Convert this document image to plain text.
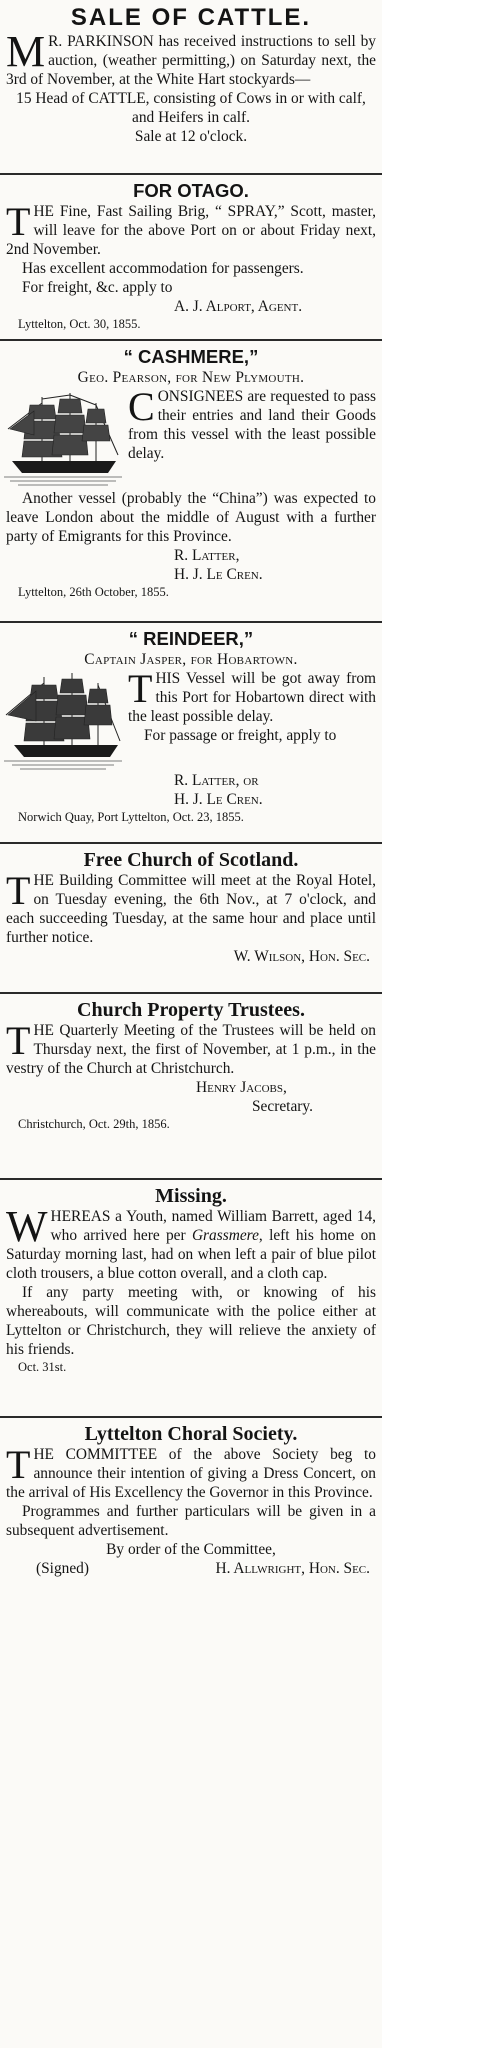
SALE OF CATTLE.
M R. PARKINSON has received instructions to sell by auction, (weather permitting,) on Saturday next, the 3rd of November, at the White Hart stockyards—
15 Head of CATTLE, consisting of Cows in or with calf, and Heifers in calf.
Sale at 12 o'clock.
FOR OTAGO.
THE Fine, Fast Sailing Brig, “ SPRAY,” Scott, master, will leave for the above Port on or about Friday next, 2nd November.
Has excellent accommodation for passengers.
For freight, &c. apply to
A. J. Alport, Agent.
Lyttelton, Oct. 30, 1855.
“ CASHMERE,”
Geo. Pearson, for New Plymouth.
CONSIGNEES are requested to pass their entries and land their Goods from this vessel with the least possible delay.
Another vessel (probably the “China”) was expected to leave London about the middle of August with a further party of Emigrants for this Province.
R. Latter,
H. J. Le Cren.
Lyttelton, 26th October, 1855.
“ REINDEER,”
Captain Jasper, for Hobartown.
THIS Vessel will be got away from this Port for Hobartown direct with the least possible delay.
For passage or freight, apply to
R. Latter, or
H. J. Le Cren.
Norwich Quay, Port Lyttelton, Oct. 23, 1855.
Free Church of Scotland.
THE Building Committee will meet at the Royal Hotel, on Tuesday evening, the 6th Nov., at 7 o'clock, and each succeeding Tuesday, at the same hour and place until further notice.
W. Wilson, Hon. Sec.
Church Property Trustees.
THE Quarterly Meeting of the Trustees will be held on Thursday next, the first of November, at 1 p.m., in the vestry of the Church at Christchurch.
Henry Jacobs,
Secretary.
Christchurch, Oct. 29th, 1856.
Missing.
WHEREAS a Youth, named William Barrett, aged 14, who arrived here per Grassmere, left his home on Saturday morning last, had on when left a pair of blue pilot cloth trousers, a blue cotton overall, and a cloth cap.
If any party meeting with, or knowing of his whereabouts, will communicate with the police either at Lyttelton or Christchurch, they will relieve the anxiety of his friends.
Oct. 31st.
Lyttelton Choral Society.
THE COMMITTEE of the above Society beg to announce their intention of giving a Dress Concert, on the arrival of His Excellency the Governor in this Province.
Programmes and further particulars will be given in a subsequent advertisement.
By order of the Committee,
(Signed)	H. Allwright, Hon. Sec.
